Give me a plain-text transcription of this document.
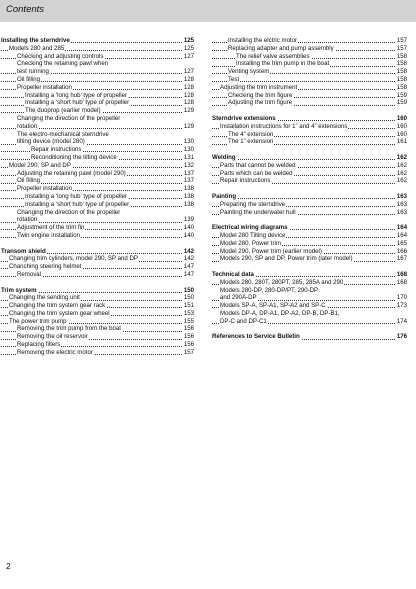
Contents
Installing the sterndrive	125
Models 280 and 285	125
Checking and adjusting controls	127
Checking the retaining pawl when
test running	127
Oil filling	128
Propeller installation	128
Installing a ‘long hub’ type of propeller	128
Installing a ‘short hub’ type of propeller	128
The duoprop (earlier model)	129
Changing the direction of the propeller
rotation	129
The electro-mechanical sterndrive
tilting device (model 280)	130
Repair instructions	130
Reconditioning the tilting device	131
Model 290, SP and DP	132
Adjusting the retaining pawl (model 290)	137
Oil filling	137
Propeller installation	138
Installing a ‘long hub’ type of propeller	138
Installing a ‘short hub’ type of propeller	138
Changing the direction of the propeller
rotation	139
Adjustment of the trim fin	140
Twin engine installation	140
Transom shield	142
Changing trim cylinders, model 290, SP and DP	142
Chanching steering helmet	147
Removal	147
Trim system	150
Changing the sending unit	150
Changing the trim system gear rack	151
Changing the trim system gear wheel	153
The power trim pump	155
Removing the trim pump from the boat	156
Removing the oil reservoir	156
Replacing filters	156
Removing the electric motor	157
Installing the elctric motor	157
Replacing adapter and pump assembly	157
The relief valve assemblies	158
Installing the trim pump in the boat	158
Venting system	158
Test	158
Adjusting the trim instrument	158
Checking the trim figure	159
Adjusting the trim figure	159
Sterndrive extensions	160
Installation instructions for 1” and 4” extensions	160
The 4” extension	160
The 1” extension	161
Welding	162
Parts that cannot be welded	162
Parts which can be welded	162
Repair instructions	162
Painting	163
Preparing the sterndrive	163
Painting the underwater hull	163
Electrical wiring diagrams	164
Model 280 Tilting device	164
Model 280, Power trim	165
Model 290, Power trim (earlier model)	166
Models 290, SP and DP, Power trim (later model)	167
Technical data	168
Models 280, 280T, 280PT, 285, 285A and 290	168
Models 280-DP, 280-DP/PT, 290-DP
and 290A-DP	170
Models SP-A, SP-A1, SP-A2 and SP-C	173
Models DP-A, DP-A1, DP-A2, DP-B, DP-B1,
DP-C and DP-C1	174
References to Service Bulletin	176
2
